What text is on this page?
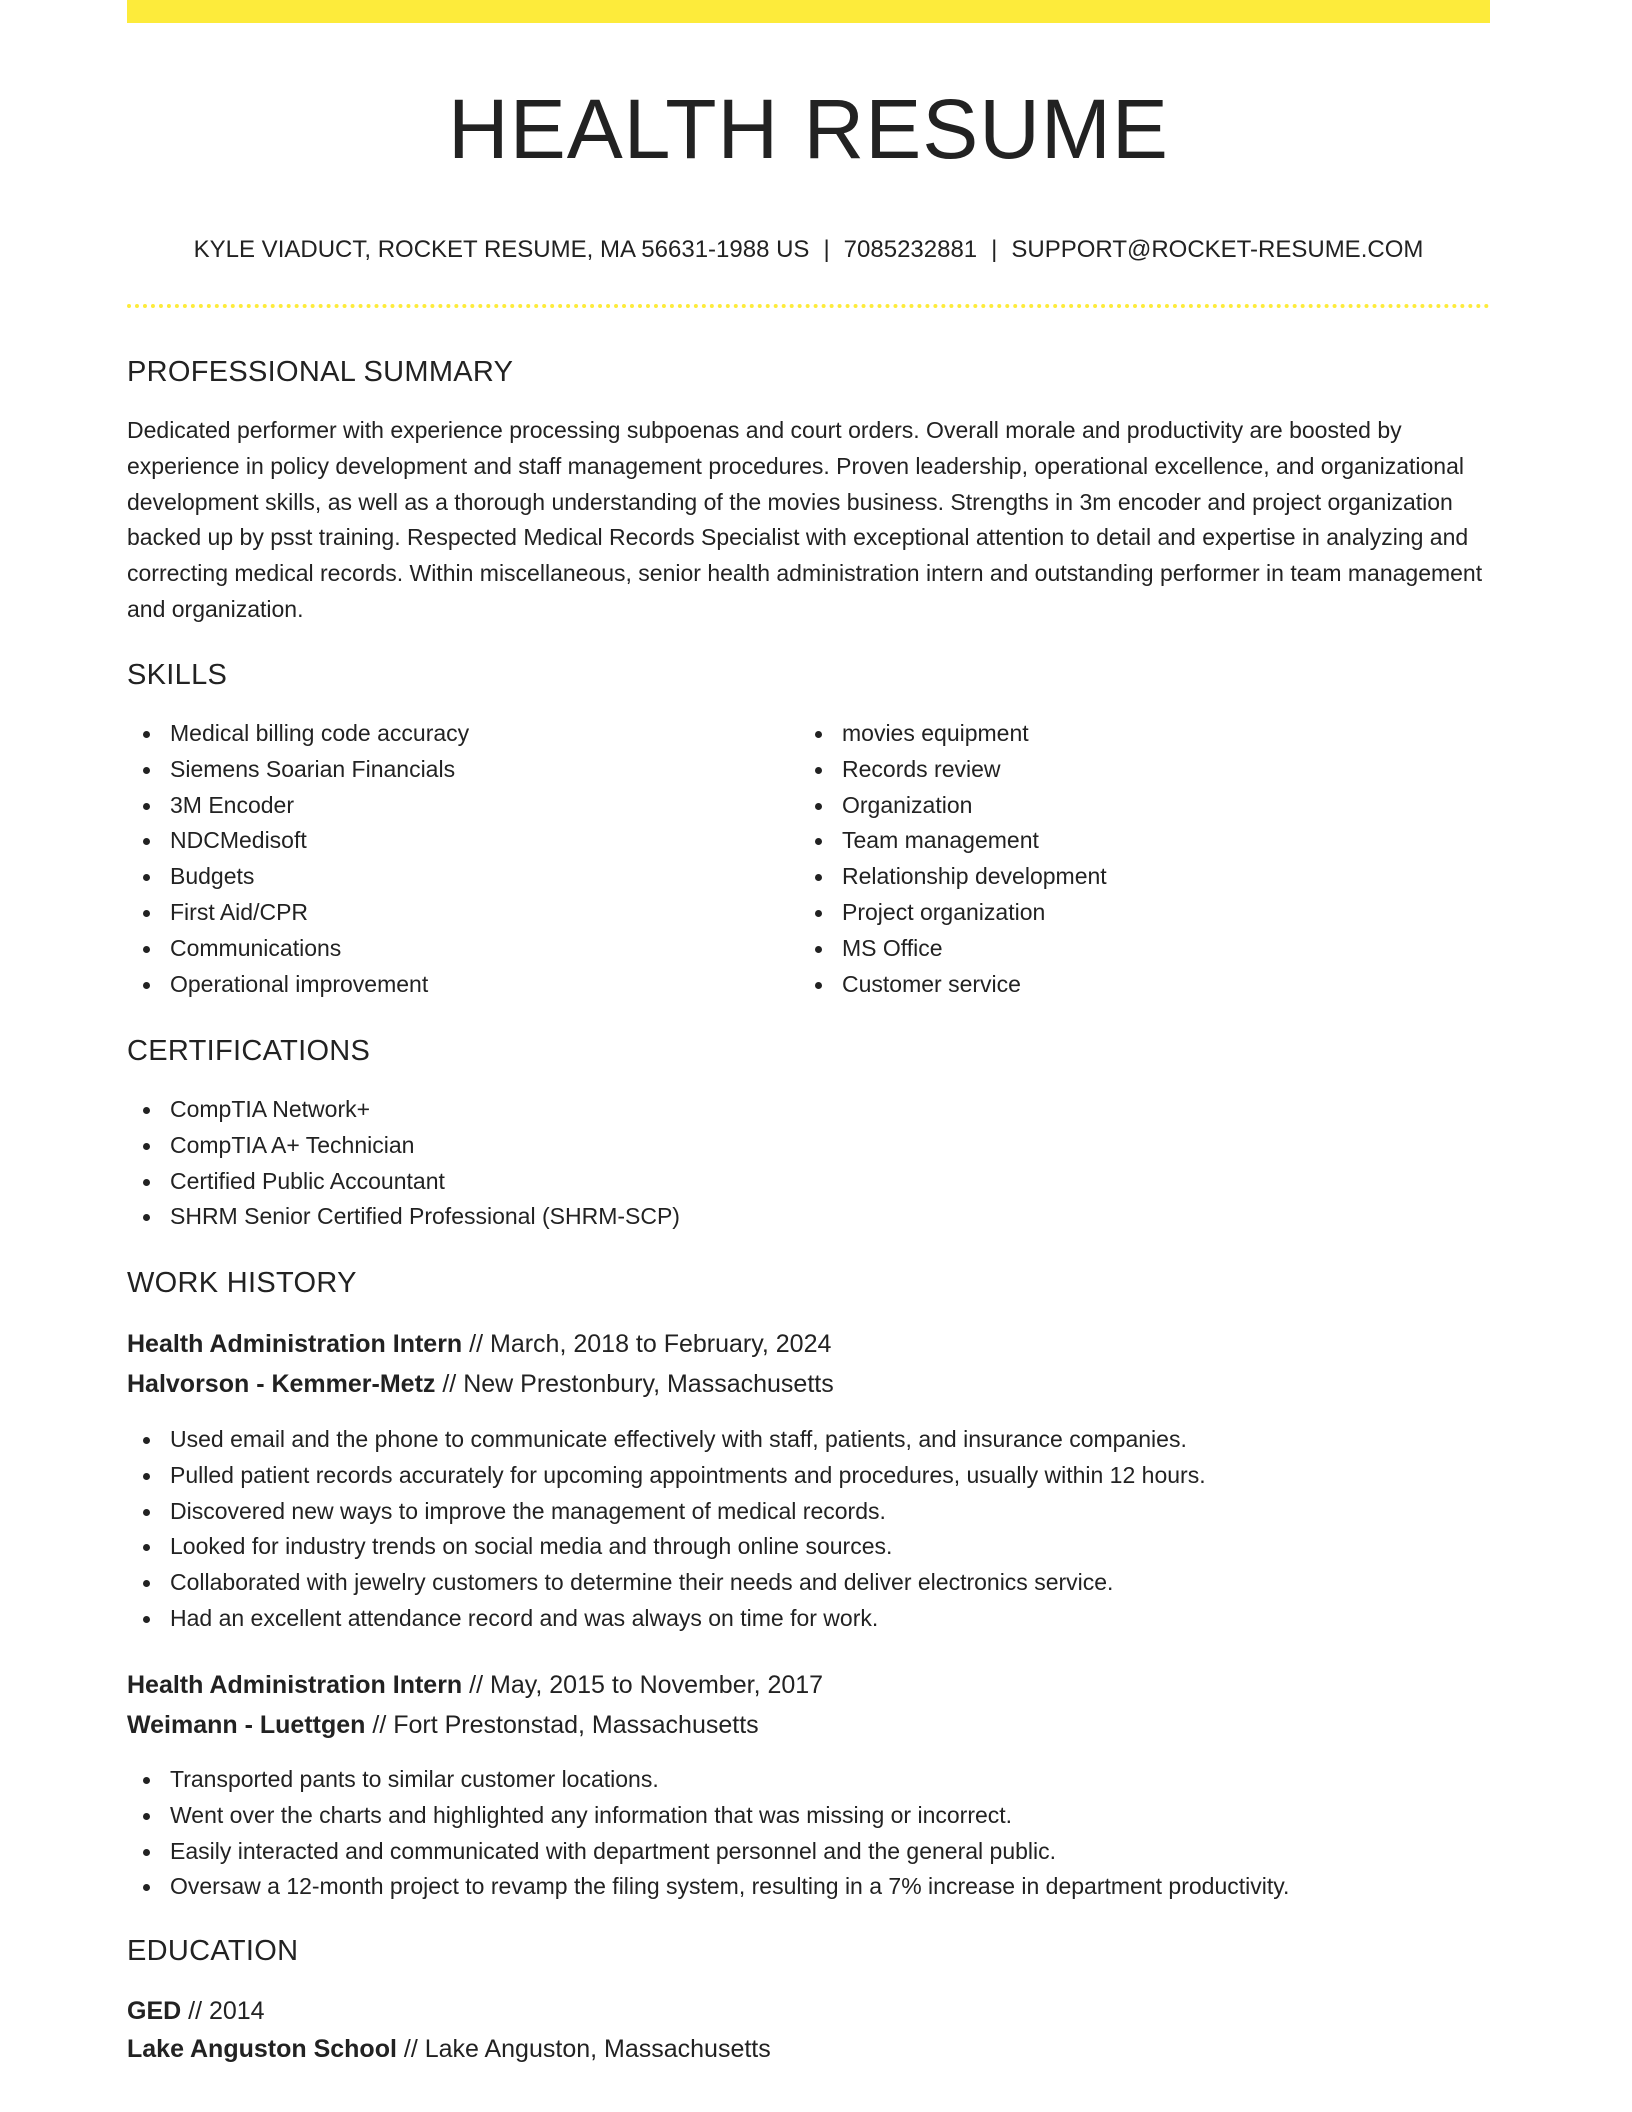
HEALTH RESUME
KYLE VIADUCT, ROCKET RESUME, MA 56631-1988 US | 7085232881 | SUPPORT@ROCKET-RESUME.COM
PROFESSIONAL SUMMARY
Dedicated performer with experience processing subpoenas and court orders. Overall morale and productivity are boosted by experience in policy development and staff management procedures. Proven leadership, operational excellence, and organizational development skills, as well as a thorough understanding of the movies business. Strengths in 3m encoder and project organization backed up by psst training. Respected Medical Records Specialist with exceptional attention to detail and expertise in analyzing and correcting medical records. Within miscellaneous, senior health administration intern and outstanding performer in team management and organization.
SKILLS
Medical billing code accuracy
Siemens Soarian Financials
3M Encoder
NDCMedisoft
Budgets
First Aid/CPR
Communications
Operational improvement
movies equipment
Records review
Organization
Team management
Relationship development
Project organization
MS Office
Customer service
CERTIFICATIONS
CompTIA Network+
CompTIA A+ Technician
Certified Public Accountant
SHRM Senior Certified Professional (SHRM-SCP)
WORK HISTORY
Health Administration Intern // March, 2018 to February, 2024
Halvorson - Kemmer-Metz // New Prestonbury, Massachusetts
Used email and the phone to communicate effectively with staff, patients, and insurance companies.
Pulled patient records accurately for upcoming appointments and procedures, usually within 12 hours.
Discovered new ways to improve the management of medical records.
Looked for industry trends on social media and through online sources.
Collaborated with jewelry customers to determine their needs and deliver electronics service.
Had an excellent attendance record and was always on time for work.
Health Administration Intern // May, 2015 to November, 2017
Weimann - Luettgen // Fort Prestonstad, Massachusetts
Transported pants to similar customer locations.
Went over the charts and highlighted any information that was missing or incorrect.
Easily interacted and communicated with department personnel and the general public.
Oversaw a 12-month project to revamp the filing system, resulting in a 7% increase in department productivity.
EDUCATION
GED // 2014
Lake Anguston School // Lake Anguston, Massachusetts
